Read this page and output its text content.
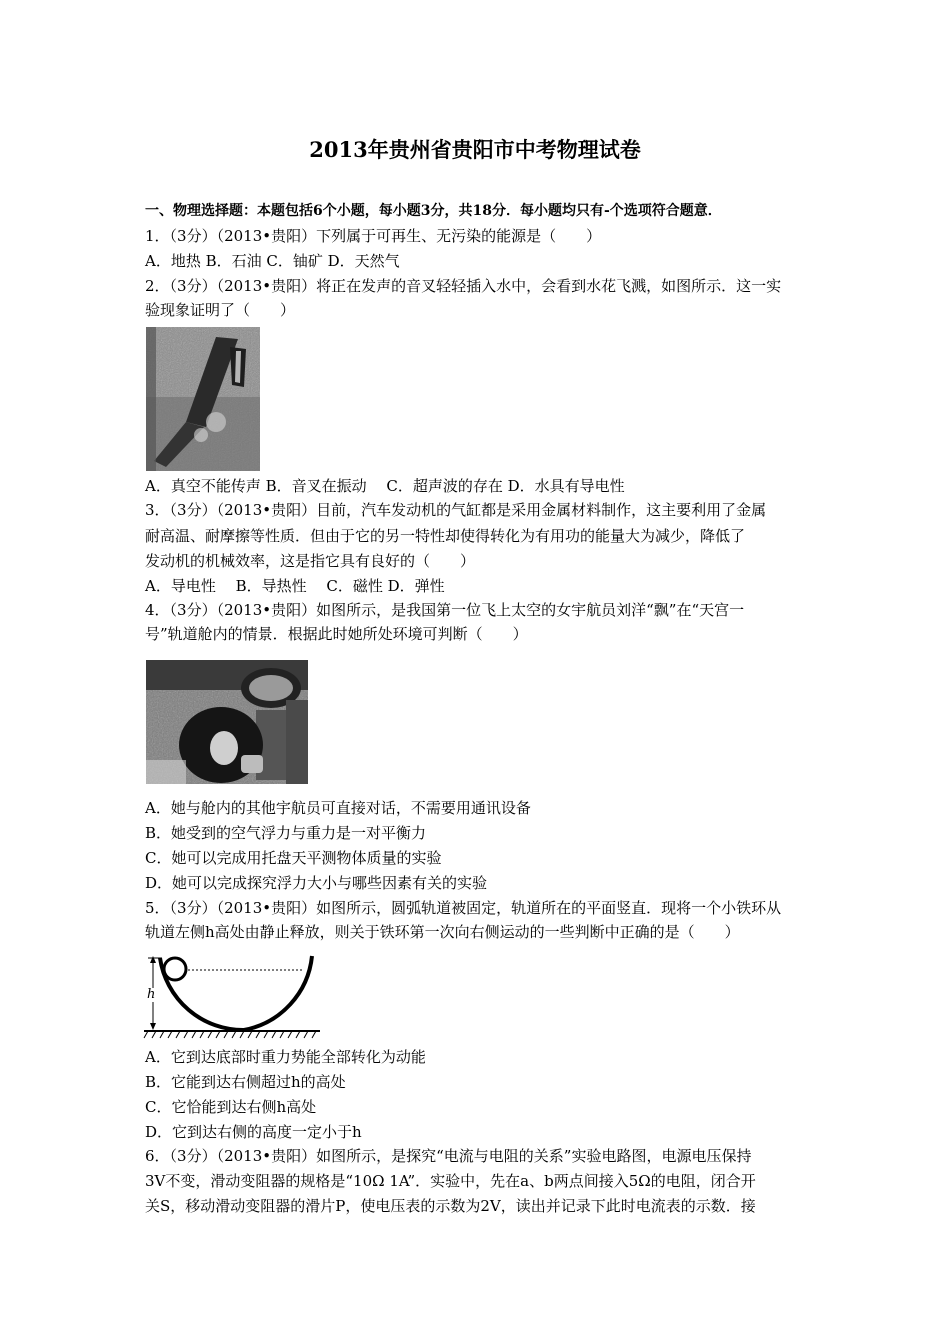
2013年贵州省贵阳市中考物理试卷
一、物理选择题：本题包括6个小题，每小题3分，共18分．每小题均只有-个选项符合题意．
1．（3分）（2013•贵阳）下列属于可再生、无污染的能源是（　　）
A．地热 B．石油 C．铀矿 D．天然气
2．（3分）（2013•贵阳）将正在发声的音叉轻轻插入水中，会看到水花飞溅，如图所示．这一实
验现象证明了（　　）
A．真空不能传声 B．音叉在振动　 C．超声波的存在 D．水具有导电性
3．（3分）（2013•贵阳）目前，汽车发动机的气缸都是采用金属材料制作，这主要利用了金属
耐高温、耐摩擦等性质．但由于它的另一特性却使得转化为有用功的能量大为减少，降低了
发动机的机械效率，这是指它具有良好的（　　）
A．导电性　 B．导热性　 C．磁性 D．弹性
4．（3分）（2013•贵阳）如图所示，是我国第一位飞上太空的女宇航员刘洋“飘”在“天宫一
号”轨道舱内的情景．根据此时她所处环境可判断（　　）
A．她与舱内的其他宇航员可直接对话，不需要用通讯设备
B．她受到的空气浮力与重力是一对平衡力
C．她可以完成用托盘天平测物体质量的实验
D．她可以完成探究浮力大小与哪些因素有关的实验
5．（3分）（2013•贵阳）如图所示，圆弧轨道被固定，轨道所在的平面竖直．现将一个小铁环从
轨道左侧h高处由静止释放，则关于铁环第一次向右侧运动的一些判断中正确的是（　　）
h
A．它到达底部时重力势能全部转化为动能
B．它能到达右侧超过h的高处
C．它恰能到达右侧h高处
D．它到达右侧的高度一定小于h
6．（3分）（2013•贵阳）如图所示，是探究“电流与电阻的关系”实验电路图，电源电压保持
3V不变，滑动变阻器的规格是“10Ω 1A”．实验中，先在a、b两点间接入5Ω的电阻，闭合开
关S，移动滑动变阻器的滑片P，使电压表的示数为2V，读出并记录下此时电流表的示数．接
